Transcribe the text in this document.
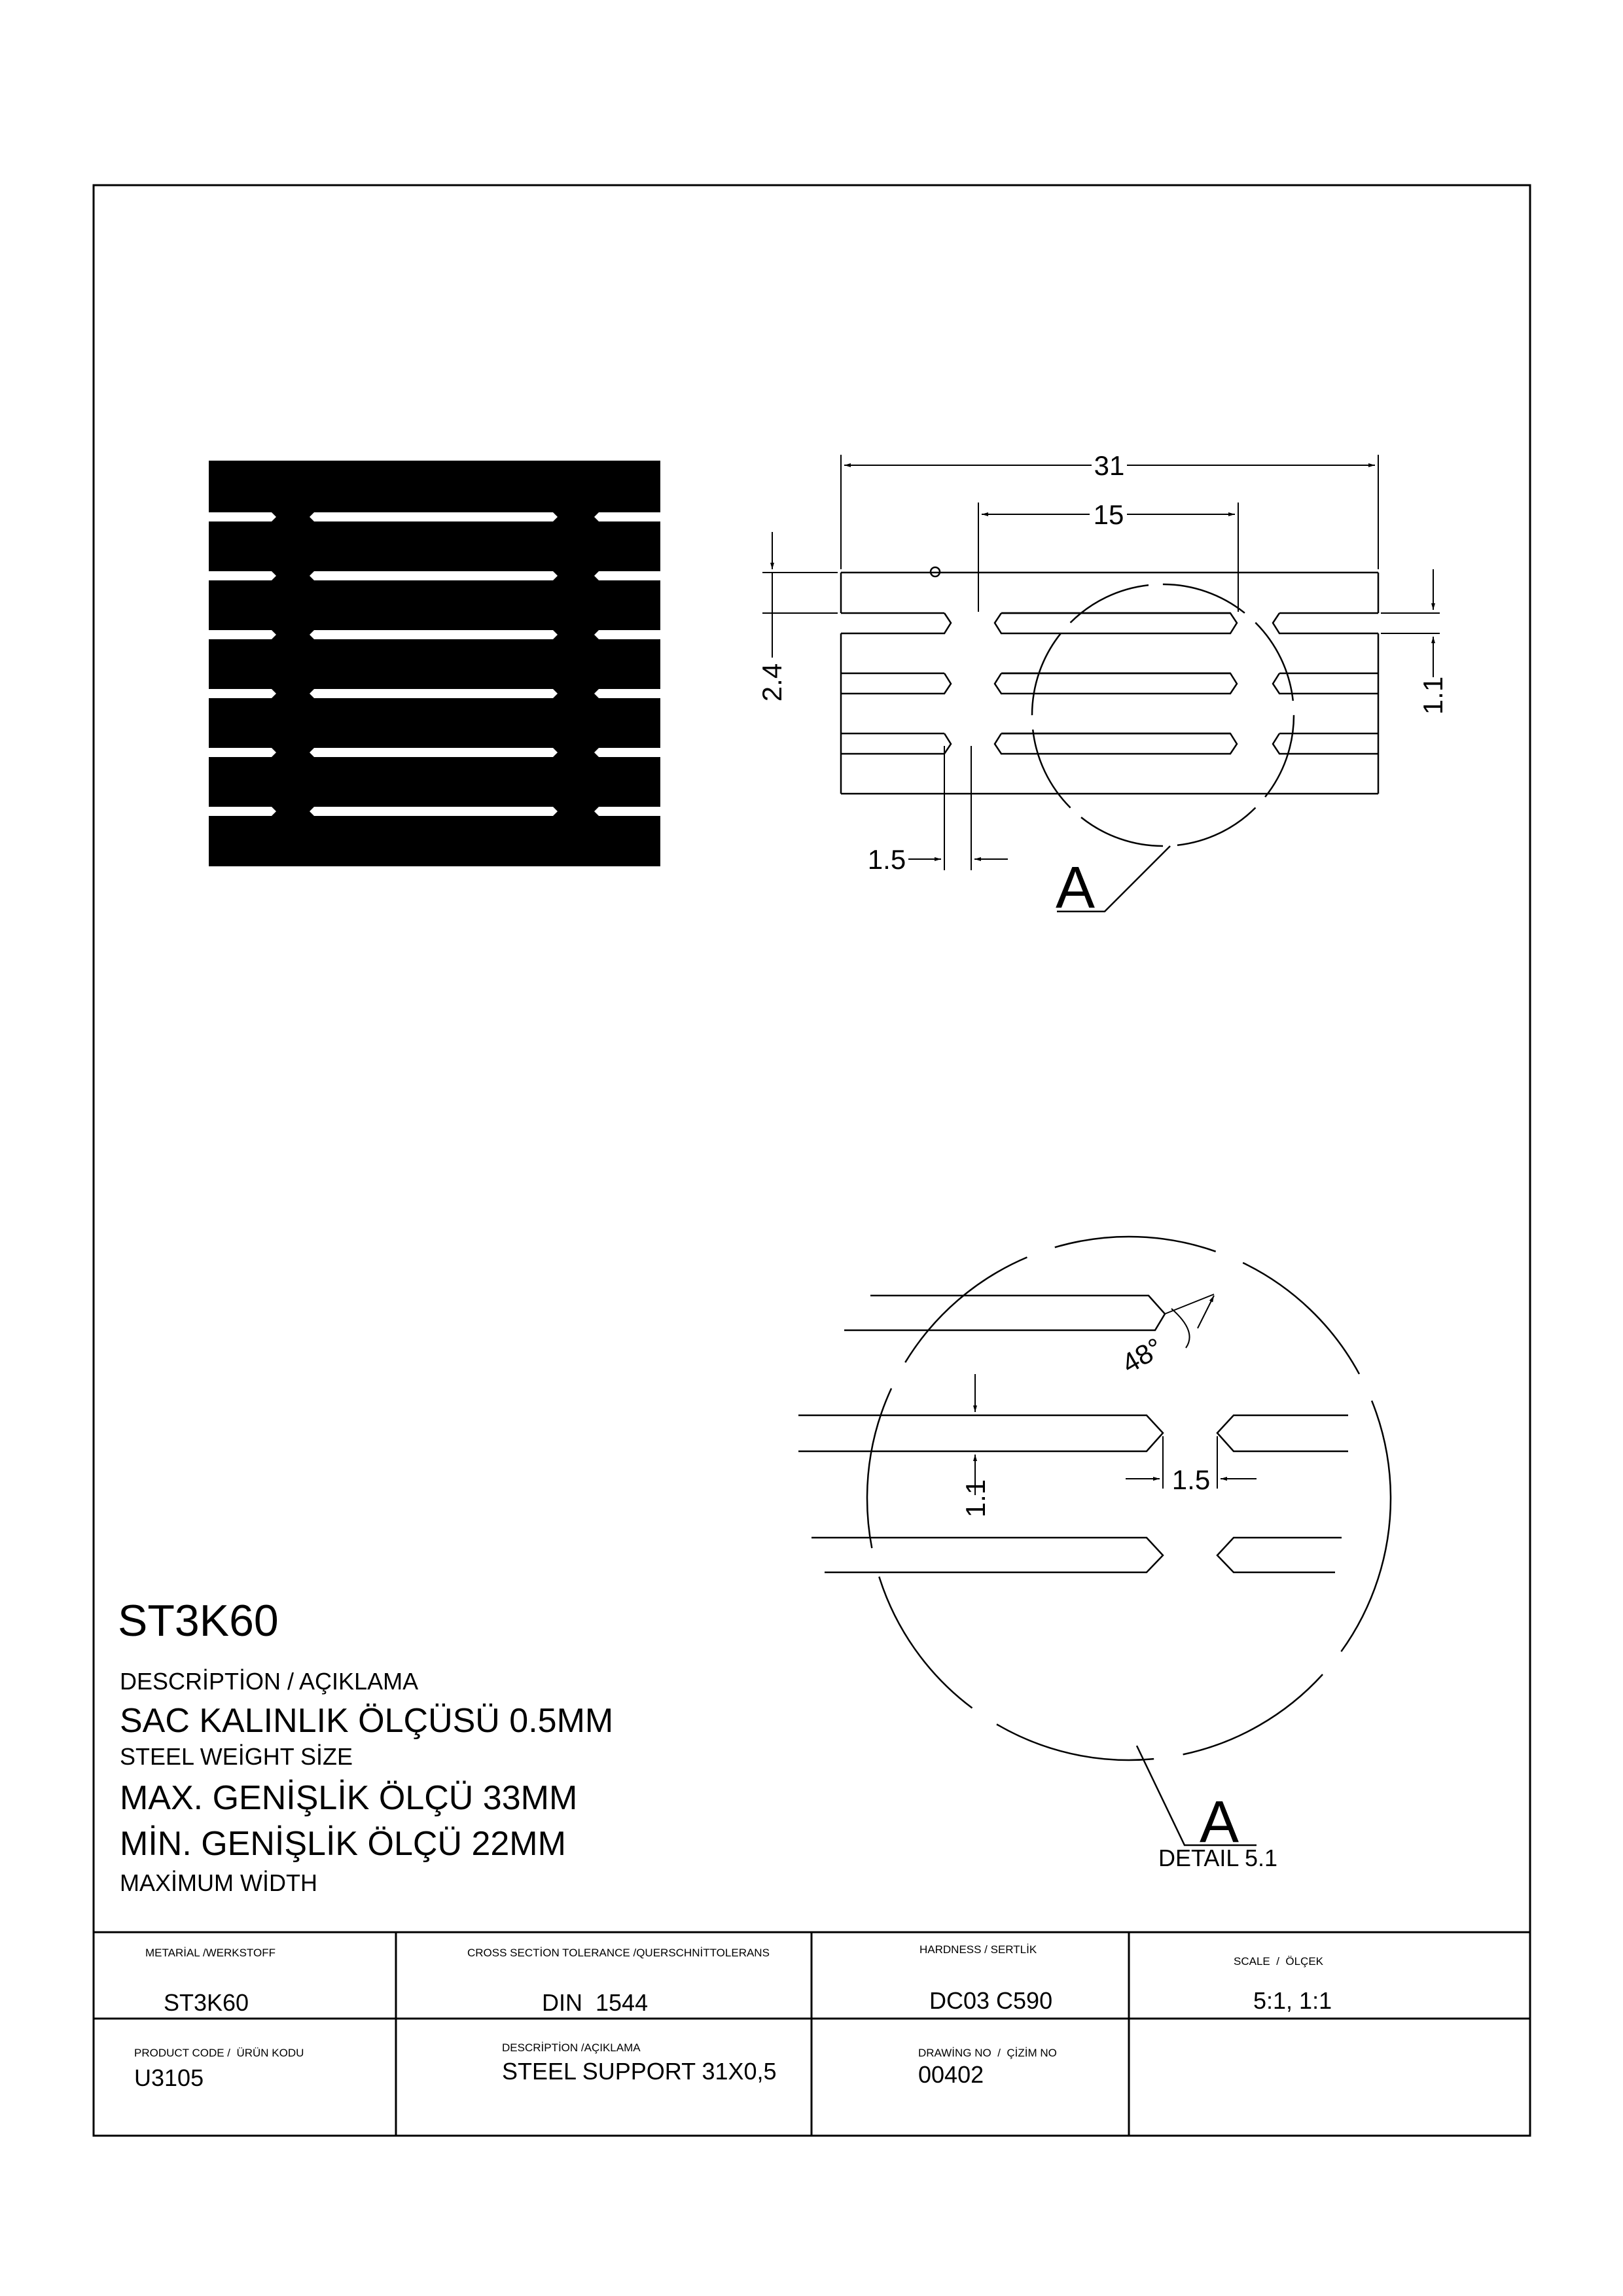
A
31
15
2.4	1.1
1.5
48°
1.1	1.5
A
DETAIL 5.1
ST3K60
DESCRİPTİON / AÇIKLAMA
SAC KALINLIK ÖLÇÜSÜ 0.5MM
STEEL WEİGHT SİZE
MAX. GENİŞLİK ÖLÇÜ 33MM
MİN. GENİŞLİK ÖLÇÜ 22MM
MAXİMUM WİDTH
METARİAL /WERKSTOFF
ST3K60
CROSS SECTİON TOLERANCE /QUERSCHNİTTOLERANS
DIN  1544
HARDNESS / SERTLİK
DC03 C590
SCALE  /  ÖLÇEK
5:1, 1:1
PRODUCT CODE /  ÜRÜN KODU
U3105
DESCRİPTİON /AÇIKLAMA
STEEL SUPPORT 31X0,5
DRAWİNG NO  /  ÇİZİM NO
00402
